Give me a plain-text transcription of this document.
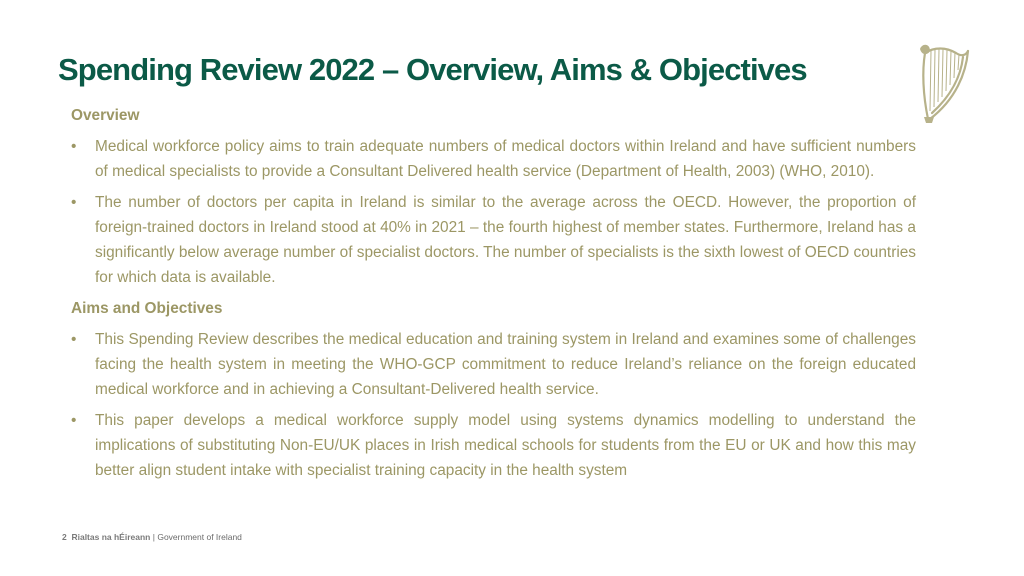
Spending Review 2022 – Overview, Aims & Objectives
Overview
•	Medical workforce policy aims to train adequate numbers of medical doctors within Ireland and have sufficient numbers of medical specialists to provide a Consultant Delivered health service (Department of Health, 2003) (WHO, 2010).
•	The number of doctors per capita in Ireland is similar to the average across the OECD. However, the proportion of foreign-trained doctors in Ireland stood at 40% in 2021 – the fourth highest of member states. Furthermore, Ireland has a significantly below average number of specialist doctors. The number of specialists is the sixth lowest of OECD countries for which data is available.
Aims and Objectives
•	This Spending Review describes the medical education and training system in Ireland and examines some of challenges facing the health system in meeting the WHO-GCP commitment to reduce Ireland’s reliance on the foreign educated medical workforce and in achieving a Consultant-Delivered health service.
•	This paper develops a medical workforce supply model using systems dynamics modelling to understand the implications of substituting Non-EU/UK places in Irish medical schools for students from the EU or UK and how this may better align student intake with specialist training capacity in the health system
2 Rialtas na hÉireann | Government of Ireland
